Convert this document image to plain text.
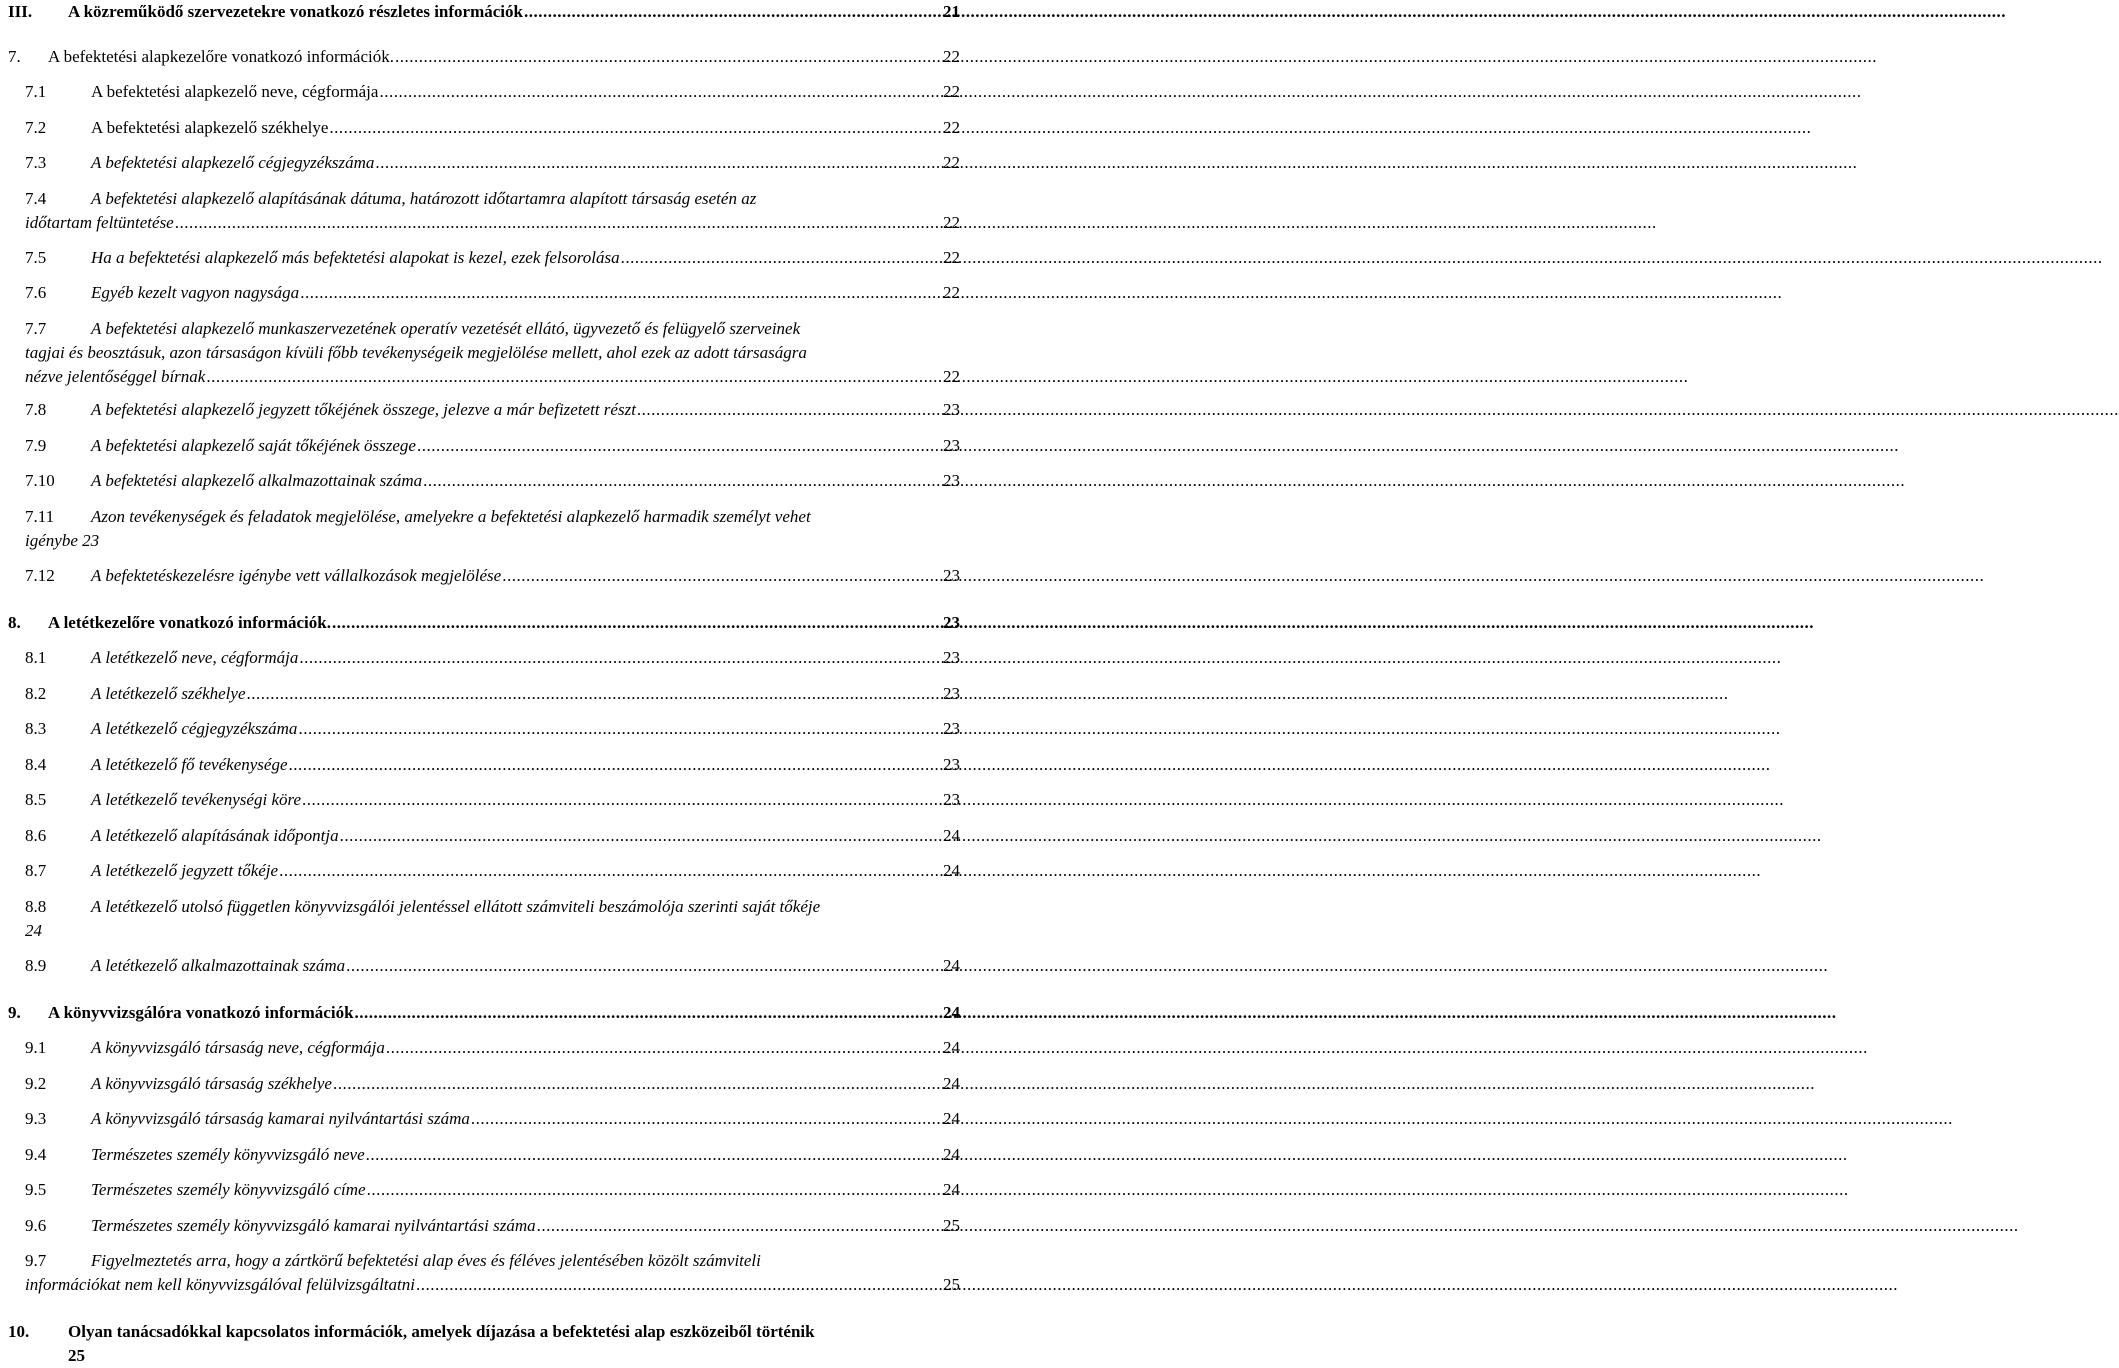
III.	A közreműködő szervezetekre vonatkozó részletes információk .....	21
7.	A befektetési alapkezelőre vonatkozó információk. .....	22
7.1	A befektetési alapkezelő neve, cégformája .....	22
7.2	A befektetési alapkezelő székhelye .....	22
7.3	A befektetési alapkezelő cégjegyzékszáma .....	22
7.4	A befektetési alapkezelő alapításának dátuma, határozott időtartamra alapított társaság esetén az
időtartam feltüntetése .....	22
7.5	Ha a befektetési alapkezelő más befektetési alapokat is kezel, ezek felsorolása .....	22
7.6	Egyéb kezelt vagyon nagysága .....	22
7.7	A befektetési alapkezelő munkaszervezetének operatív vezetését ellátó, ügyvezető és felügyelő szerveinek
tagjai és beosztásuk, azon társaságon kívüli főbb tevékenységeik megjelölése mellett, ahol ezek az adott társaságra
nézve jelentőséggel bírnak .....	22
7.8	A befektetési alapkezelő jegyzett tőkéjének összege, jelezve a már befizetett részt .....	23
7.9	A befektetési alapkezelő saját tőkéjének összege .....	23
7.10	A befektetési alapkezelő alkalmazottainak száma .....	23
7.11	Azon tevékenységek és feladatok megjelölése, amelyekre a befektetési alapkezelő harmadik személyt vehet
igénybe 23
7.12	A befektetéskezelésre igénybe vett vállalkozások megjelölése .....	23
8.	A letétkezelőre vonatkozó információk. .....	23
8.1	A letétkezelő neve, cégformája .....	23
8.2	A letétkezelő székhelye .....	23
8.3	A letétkezelő cégjegyzékszáma .....	23
8.4	A letétkezelő fő tevékenysége .....	23
8.5	A letétkezelő tevékenységi köre .....	23
8.6	A letétkezelő alapításának időpontja .....	24
8.7	A letétkezelő jegyzett tőkéje .....	24
8.8	A letétkezelő utolsó független könyvvizsgálói jelentéssel ellátott számviteli beszámolója szerinti saját tőkéje
24
8.9	A letétkezelő alkalmazottainak száma .....	24
9.	A könyvvizsgálóra vonatkozó információk .....	24
9.1	A könyvvizsgáló társaság neve, cégformája .....	24
9.2	A könyvvizsgáló társaság székhelye .....	24
9.3	A könyvvizsgáló társaság kamarai nyilvántartási száma .....	24
9.4	Természetes személy könyvvizsgáló neve .....	24
9.5	Természetes személy könyvvizsgáló címe .....	24
9.6	Természetes személy könyvvizsgáló kamarai nyilvántartási száma .....	25
9.7	Figyelmeztetés arra, hogy a zártkörű befektetési alap éves és féléves jelentésében közölt számviteli
információkat nem kell könyvvizsgálóval felülvizsgáltatni .....	25
10.	Olyan tanácsadókkal kapcsolatos információk, amelyek díjazása a befektetési alap eszközeiből történik
25
